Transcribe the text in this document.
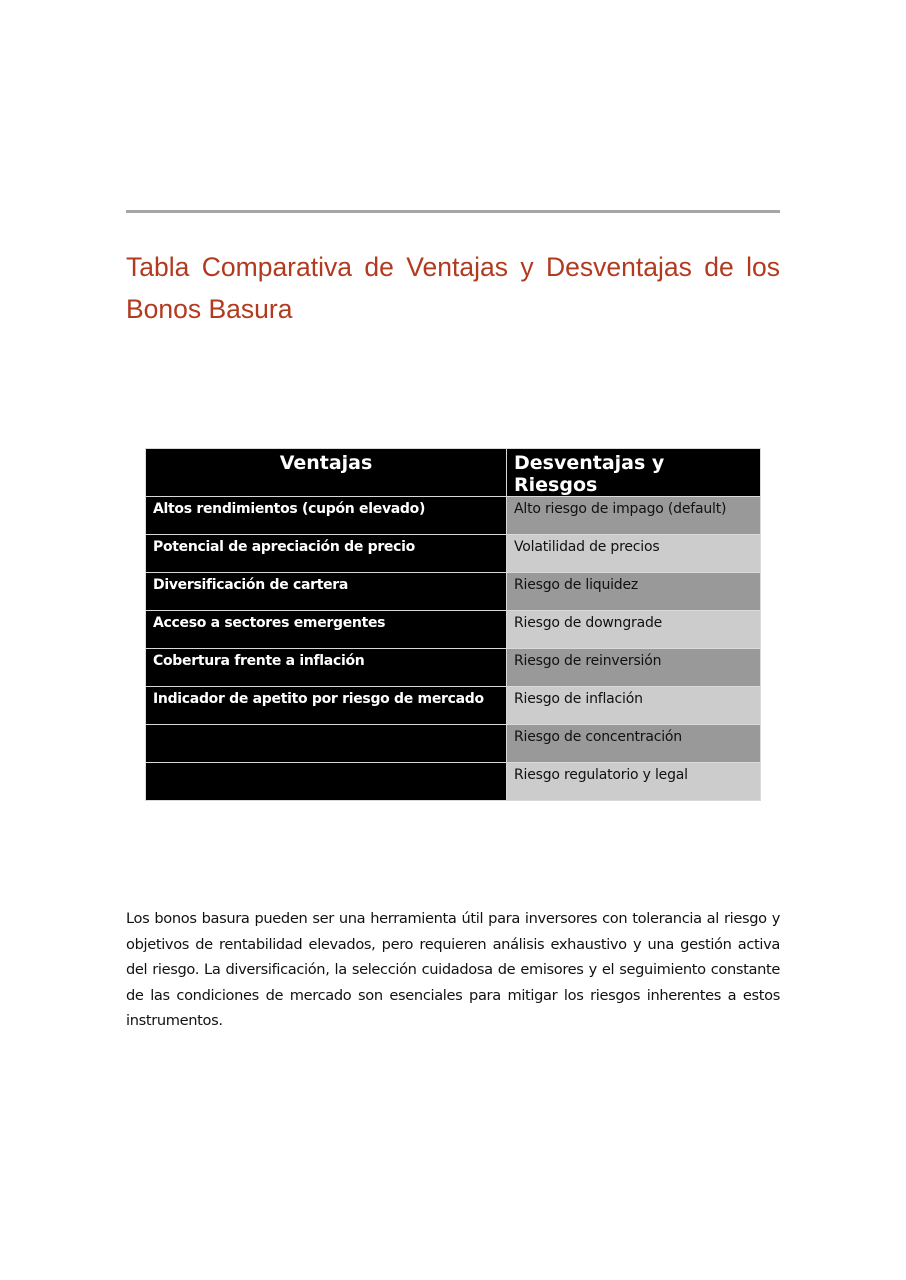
Tabla Comparativa de Ventajas y Desventajas de los Bonos Basura
Ventajas	Desventajas y Riesgos
Altos rendimientos (cupón elevado)	Alto riesgo de impago (default)
Potencial de apreciación de precio	Volatilidad de precios
Diversificación de cartera	Riesgo de liquidez
Acceso a sectores emergentes	Riesgo de downgrade
Cobertura frente a inflación	Riesgo de reinversión
Indicador de apetito por riesgo de mercado	Riesgo de inflación
	Riesgo de concentración
	Riesgo regulatorio y legal

Los bonos basura pueden ser una herramienta útil para inversores con tolerancia al riesgo y objetivos de rentabilidad elevados, pero requieren análisis exhaustivo y una gestión activa del riesgo. La diversificación, la selección cuidadosa de emisores y el seguimiento constante de las condiciones de mercado son esenciales para mitigar los riesgos inherentes a estos instrumentos.
